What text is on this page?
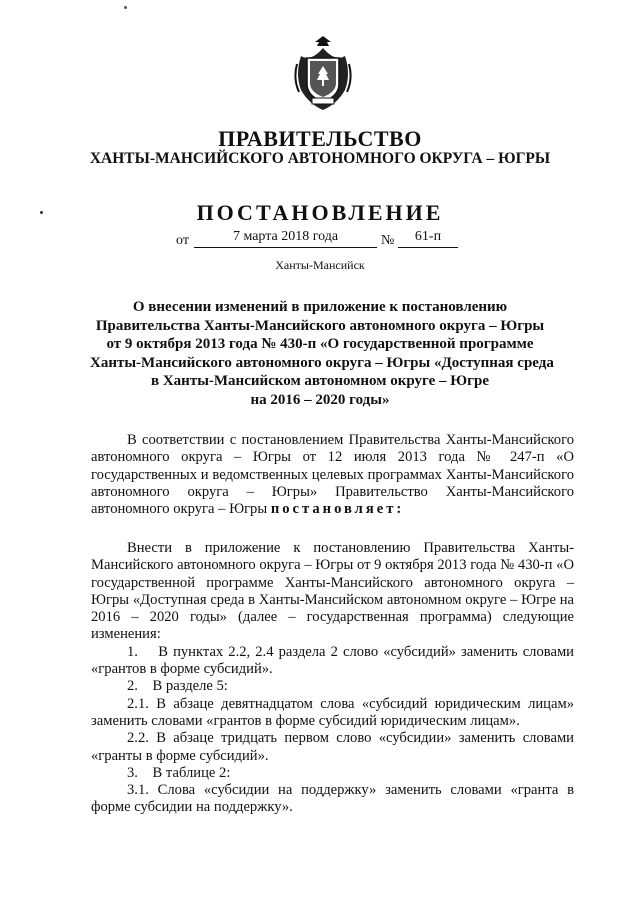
ПРАВИТЕЛЬСТВО
ХАНТЫ-МАНСИЙСКОГО АВТОНОМНОГО ОКРУГА – ЮГРЫ
ПОСТАНОВЛЕНИЕ
от	7 марта 2018 года	№	61-п
Ханты-Мансийск
О внесении изменений в приложение к постановлению
Правительства Ханты-Мансийского автономного округа – Югры
от 9 октября 2013 года № 430-п «О государственной программе
Ханты-Мансийского автономного округа – Югры «Доступная среда
в Ханты-Мансийском автономном округе – Югре
на 2016 – 2020 годы»
В соответствии с постановлением Правительства Ханты-Мансийского автономного округа – Югры от 12 июля 2013 года № 247-п «О государственных и ведомственных целевых программах Ханты-Мансийского автономного округа – Югры» Правительство Ханты-Мансийского автономного округа – Югры постановляет:
Внести в приложение к постановлению Правительства Ханты-Мансийского автономного округа – Югры от 9 октября 2013 года № 430-п «О государственной программе Ханты-Мансийского автономного округа – Югры «Доступная среда в Ханты-Мансийском автономном округе – Югре на 2016 – 2020 годы» (далее – государственная программа) следующие изменения:
1.    В пунктах 2.2, 2.4 раздела 2 слово «субсидий» заменить словами «грантов в форме субсидий».
2.    В разделе 5:
2.1. В абзаце девятнадцатом слова «субсидий юридическим лицам» заменить словами «грантов в форме субсидий юридическим лицам».
2.2. В абзаце тридцать первом слово «субсидии» заменить словами «гранты в форме субсидий».
3.    В таблице 2:
3.1. Слова «субсидии на поддержку» заменить словами «гранта в форме субсидии на поддержку».
